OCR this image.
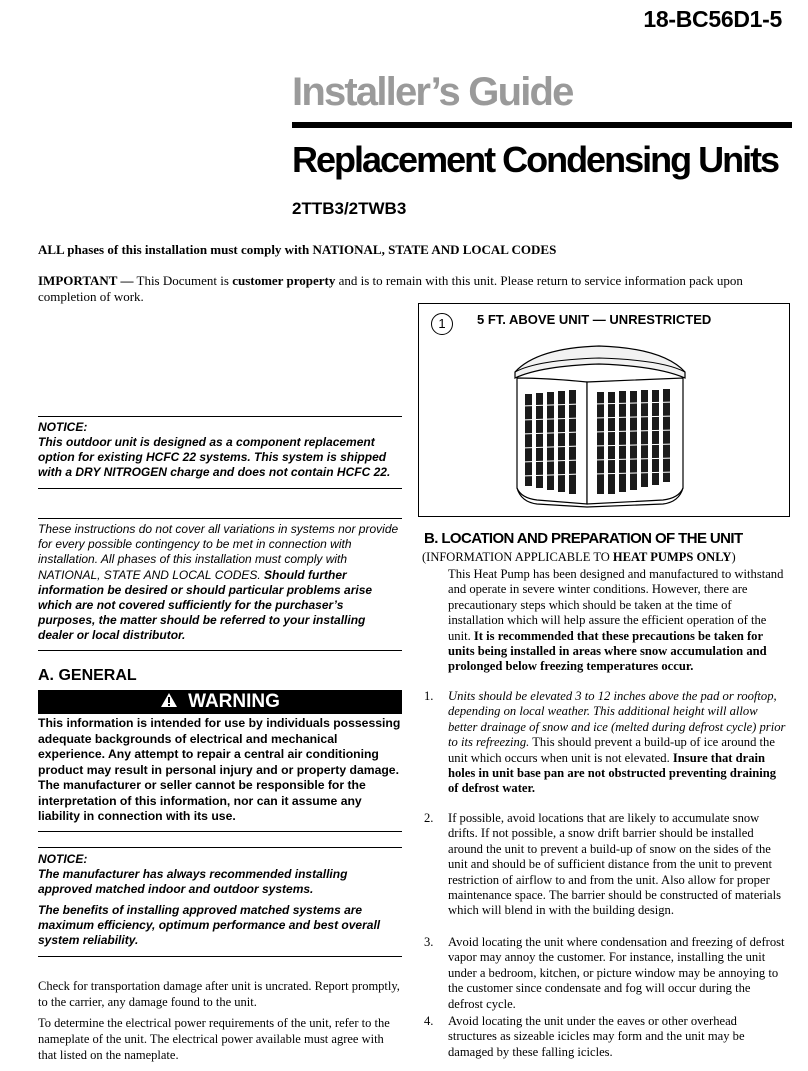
18-BC56D1-5
Installer’s Guide
Replacement Condensing Units
2TTB3/2TWB3
ALL phases of this installation must comply with NATIONAL, STATE AND LOCAL CODES
IMPORTANT — This Document is customer property and is to remain with this unit. Please return to service information pack upon completion of work.
1	5 FT. ABOVE UNIT — UNRESTRICTED
NOTICE:
This outdoor unit is designed as a component replacement option for existing HCFC 22 systems. This system is shipped with a DRY NITROGEN charge and does not contain HCFC 22.
These instructions do not cover all variations in systems nor provide for every possible contingency to be met in connection with installation. All phases of this installation must comply with NATIONAL, STATE AND LOCAL CODES. Should further information be desired or should particular problems arise which are not covered sufficiently for the purchaser’s purposes, the matter should be referred to your installing dealer or local distributor.
A. GENERAL
WARNING
This information is intended for use by individuals possessing adequate backgrounds of electrical and mechanical experience. Any attempt to repair a central air conditioning product may result in personal injury and or property damage. The manufacturer or seller cannot be responsible for the interpretation of this information, nor can it assume any liability in connection with its use.

NOTICE:

The manufacturer has always recommended installing approved matched indoor and outdoor systems.

The benefits of installing approved matched systems are maximum efficiency, optimum performance and best overall system reliability.

Check for transportation damage after unit is uncrated. Report promptly, to the carrier, any damage found to the unit.
To determine the electrical power requirements of the unit, refer to the nameplate of the unit. The electrical power available must agree with that listed on the nameplate.
B. LOCATION AND PREPARATION OF THE UNIT
(INFORMATION APPLICABLE TO HEAT PUMPS ONLY)
This Heat Pump has been designed and manufactured to withstand and operate in severe winter conditions. However, there are precautionary steps which should be taken at the time of installation which will help assure the efficient operation of the unit. It is recommended that these precautions be taken for units being installed in areas where snow accumulation and prolonged below freezing temperatures occur.
1. Units should be elevated 3 to 12 inches above the pad or rooftop, depending on local weather. This additional height will allow better drainage of snow and ice (melted during defrost cycle) prior to its refreezing. This should prevent a build-up of ice around the unit which occurs when unit is not elevated. Insure that drain holes in unit base pan are not obstructed preventing draining of defrost water.
2. If possible, avoid locations that are likely to accumulate snow drifts. If not possible, a snow drift barrier should be installed around the unit to prevent a build-up of snow on the sides of the unit and should be of sufficient distance from the unit to prevent restriction of airflow to and from the unit. Also allow for proper maintenance space. The barrier should be constructed of materials which will blend in with the building design.
3. Avoid locating the unit where condensation and freezing of defrost vapor may annoy the customer. For instance, installing the unit under a bedroom, kitchen, or picture window may be annoying to the customer since condensate and fog will occur during the defrost cycle.
4. Avoid locating the unit under the eaves or other overhead structures as sizeable icicles may form and the unit may be damaged by these falling icicles.
